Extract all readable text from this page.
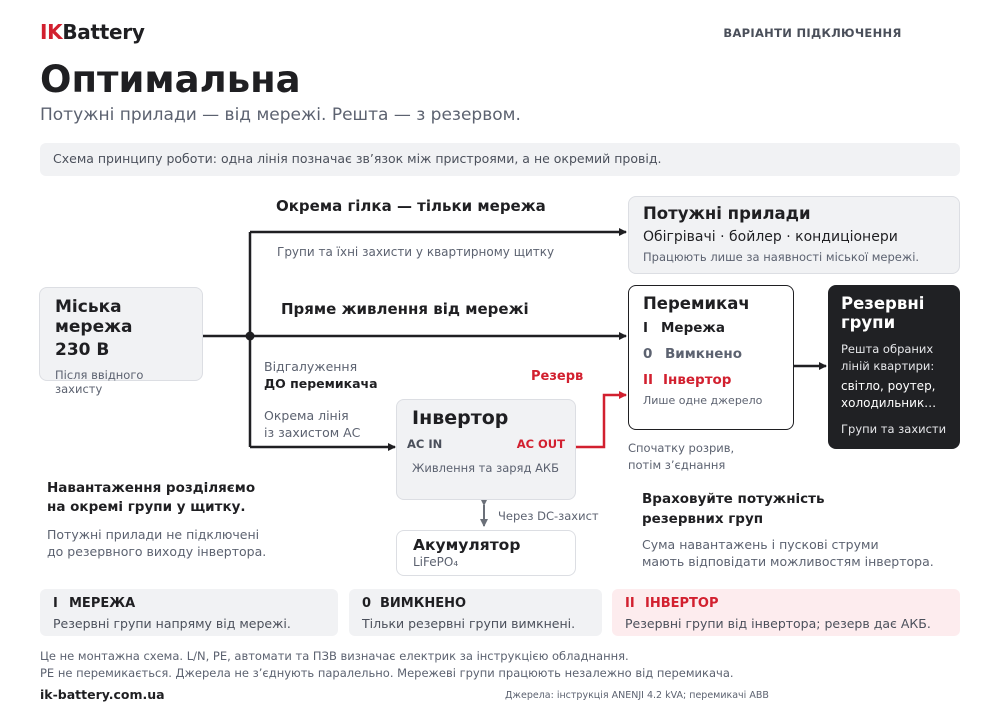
IKBattery	ВАРІАНТИ ПІДКЛЮЧЕННЯ
Оптимальна
Потужні прилади — від мережі. Решта — з резервом.
Схема принципу роботи: одна лінія позначає зв’язок між пристроями, а не окремий провід.
Міська мережа
230 В
Після ввідного захисту
Окрема гілка — тільки мережа
Групи та їхні захисти у квартирному щитку
Пряме живлення від мережі
Відгалуження
ДО перемикача
Окрема лінія
із захистом АС
Резерв
Потужні прилади
Обігрівачі · бойлер · кондиціонери
Працюють лише за наявності міської мережі.
Перемикач
I Мережа
0 Вимкнено
II Інвертор
Лише одне джерело
Спочатку розрив,
потім з’єднання
Резервні
групи
Решта обраних
ліній квартири:
світло, роутер,
холодильник…
Групи та захисти
Інвертор
AC IN	AC OUT
Живлення та заряд АКБ
Через DC-захист
Акумулятор
LiFePO₄
Навантаження розділяємо
на окремі групи у щитку.
Потужні прилади не підключені
до резервного виходу інвертора.
Враховуйте потужність
резервних груп
Сума навантажень і пускові струми
мають відповідати можливостям інвертора.
I МЕРЕЖА
Резервні групи напряму від мережі.
0 ВИМКНЕНО
Тільки резервні групи вимкнені.
II ІНВЕРТОР
Резервні групи від інвертора; резерв дає АКБ.
Це не монтажна схема. L/N, PE, автомати та ПЗВ визначає електрик за інструкцією обладнання.
PE не перемикається. Джерела не з’єднують паралельно. Мережеві групи працюють незалежно від перемикача.
ik-battery.com.ua	Джерела: інструкція ANENJI 4.2 kVA; перемикачі ABB
